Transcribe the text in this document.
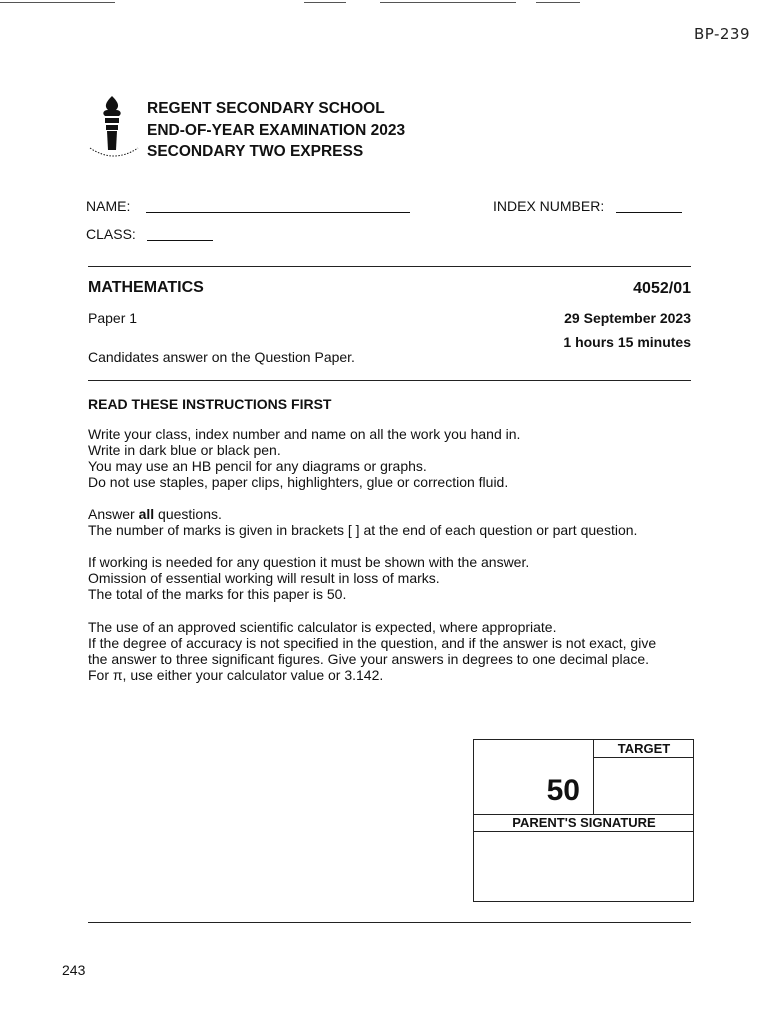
BP-239
REGENT SECONDARY SCHOOL
END-OF-YEAR EXAMINATION 2023
SECONDARY TWO EXPRESS
NAME:	INDEX NUMBER:
CLASS:
MATHEMATICS	4052/01
Paper 1	29 September 2023
1 hours 15 minutes
Candidates answer on the Question Paper.
READ THESE INSTRUCTIONS FIRST
Write your class, index number and name on all the work you hand in.
Write in dark blue or black pen.
You may use an HB pencil for any diagrams or graphs.
Do not use staples, paper clips, highlighters, glue or correction fluid.
Answer all questions.
The number of marks is given in brackets [ ] at the end of each question or part question.
If working is needed for any question it must be shown with the answer.
Omission of essential working will result in loss of marks.
The total of the marks for this paper is 50.
The use of an approved scientific calculator is expected, where appropriate.
If the degree of accuracy is not specified in the question, and if the answer is not exact, give
the answer to three significant figures. Give your answers in degrees to one decimal place.
For π, use either your calculator value or 3.142.
TARGET
50
PARENT'S SIGNATURE
243
